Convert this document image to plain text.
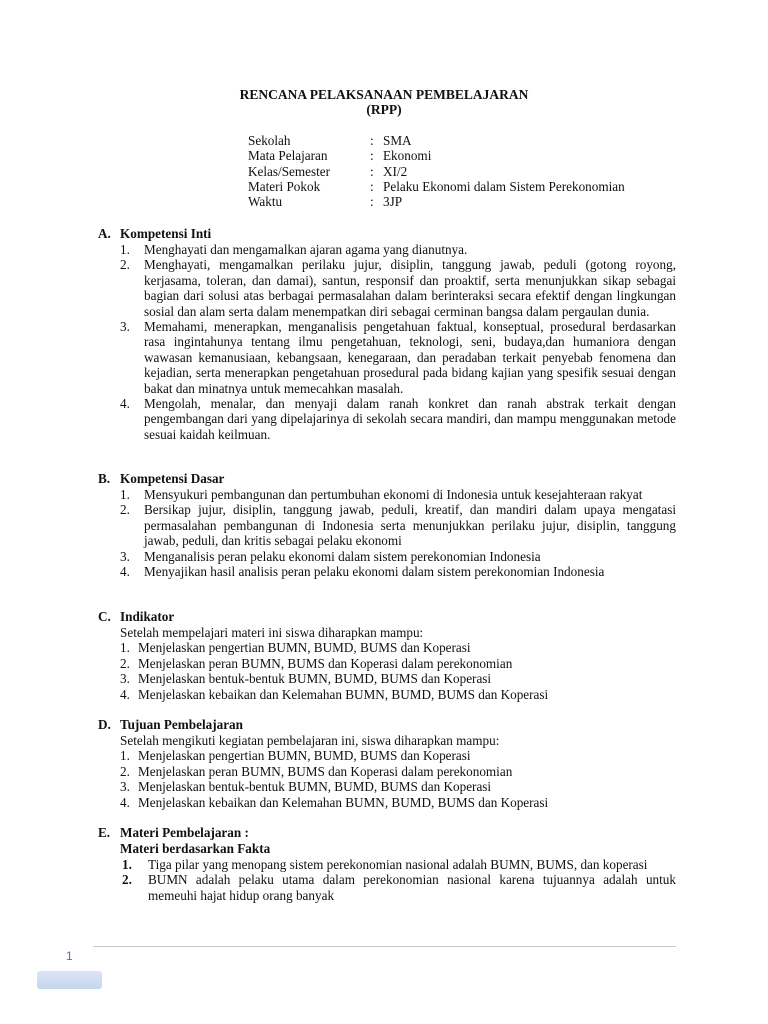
RENCANA PELAKSANAAN PEMBELAJARAN
(RPP)
Sekolah	: SMA
Mata Pelajaran	: Ekonomi
Kelas/Semester	: XI/2
Materi Pokok	: Pelaku Ekonomi dalam Sistem Perekonomian
Waktu	: 3JP
A. Kompetensi Inti
1.	Menghayati dan mengamalkan ajaran agama yang dianutnya.
2.	Menghayati, mengamalkan perilaku jujur, disiplin, tanggung jawab, peduli (gotong royong, kerjasama, toleran, dan damai), santun, responsif dan proaktif, serta menunjukkan sikap sebagai bagian dari solusi atas berbagai permasalahan dalam berinteraksi secara efektif dengan lingkungan sosial dan alam serta dalam menempatkan diri sebagai cerminan bangsa dalam pergaulan dunia.
3.	Memahami, menerapkan, menganalisis pengetahuan faktual, konseptual, prosedural berdasarkan rasa ingintahunya tentang ilmu pengetahuan, teknologi, seni, budaya,dan humaniora dengan wawasan kemanusiaan, kebangsaan, kenegaraan, dan peradaban terkait penyebab fenomena dan kejadian, serta menerapkan pengetahuan prosedural pada bidang kajian yang spesifik sesuai dengan bakat dan minatnya untuk memecahkan masalah.
4.	Mengolah, menalar, dan menyaji dalam ranah konkret dan ranah abstrak terkait dengan pengembangan dari yang dipelajarinya di sekolah secara mandiri, dan mampu menggunakan metode sesuai kaidah keilmuan.
B. Kompetensi Dasar
1.	Mensyukuri pembangunan dan pertumbuhan ekonomi di Indonesia untuk kesejahteraan rakyat
2.	Bersikap jujur, disiplin, tanggung jawab, peduli, kreatif, dan mandiri dalam upaya mengatasi permasalahan pembangunan di Indonesia serta menunjukkan perilaku jujur, disiplin, tanggung jawab, peduli, dan kritis sebagai pelaku ekonomi
3.	Menganalisis peran pelaku ekonomi dalam sistem perekonomian Indonesia
4.	Menyajikan hasil analisis peran pelaku ekonomi dalam sistem perekonomian Indonesia
C. Indikator
Setelah mempelajari materi ini siswa diharapkan mampu:
1. Menjelaskan pengertian BUMN, BUMD, BUMS dan Koperasi
2. Menjelaskan peran BUMN, BUMS dan Koperasi dalam perekonomian
3. Menjelaskan bentuk-bentuk BUMN, BUMD, BUMS dan Koperasi
4. Menjelaskan kebaikan dan Kelemahan BUMN, BUMD, BUMS dan Koperasi
D. Tujuan Pembelajaran
Setelah mengikuti kegiatan pembelajaran ini, siswa diharapkan mampu:
1. Menjelaskan pengertian BUMN, BUMD, BUMS dan Koperasi
2. Menjelaskan peran BUMN, BUMS dan Koperasi dalam perekonomian
3. Menjelaskan bentuk-bentuk BUMN, BUMD, BUMS dan Koperasi
4. Menjelaskan kebaikan dan Kelemahan BUMN, BUMD, BUMS dan Koperasi
E. Materi Pembelajaran :
Materi berdasarkan Fakta
1.	Tiga pilar yang menopang sistem perekonomian nasional adalah BUMN, BUMS, dan koperasi
2.	BUMN adalah pelaku utama dalam perekonomian nasional karena tujuannya adalah untuk memeuhi hajat hidup orang banyak
1
